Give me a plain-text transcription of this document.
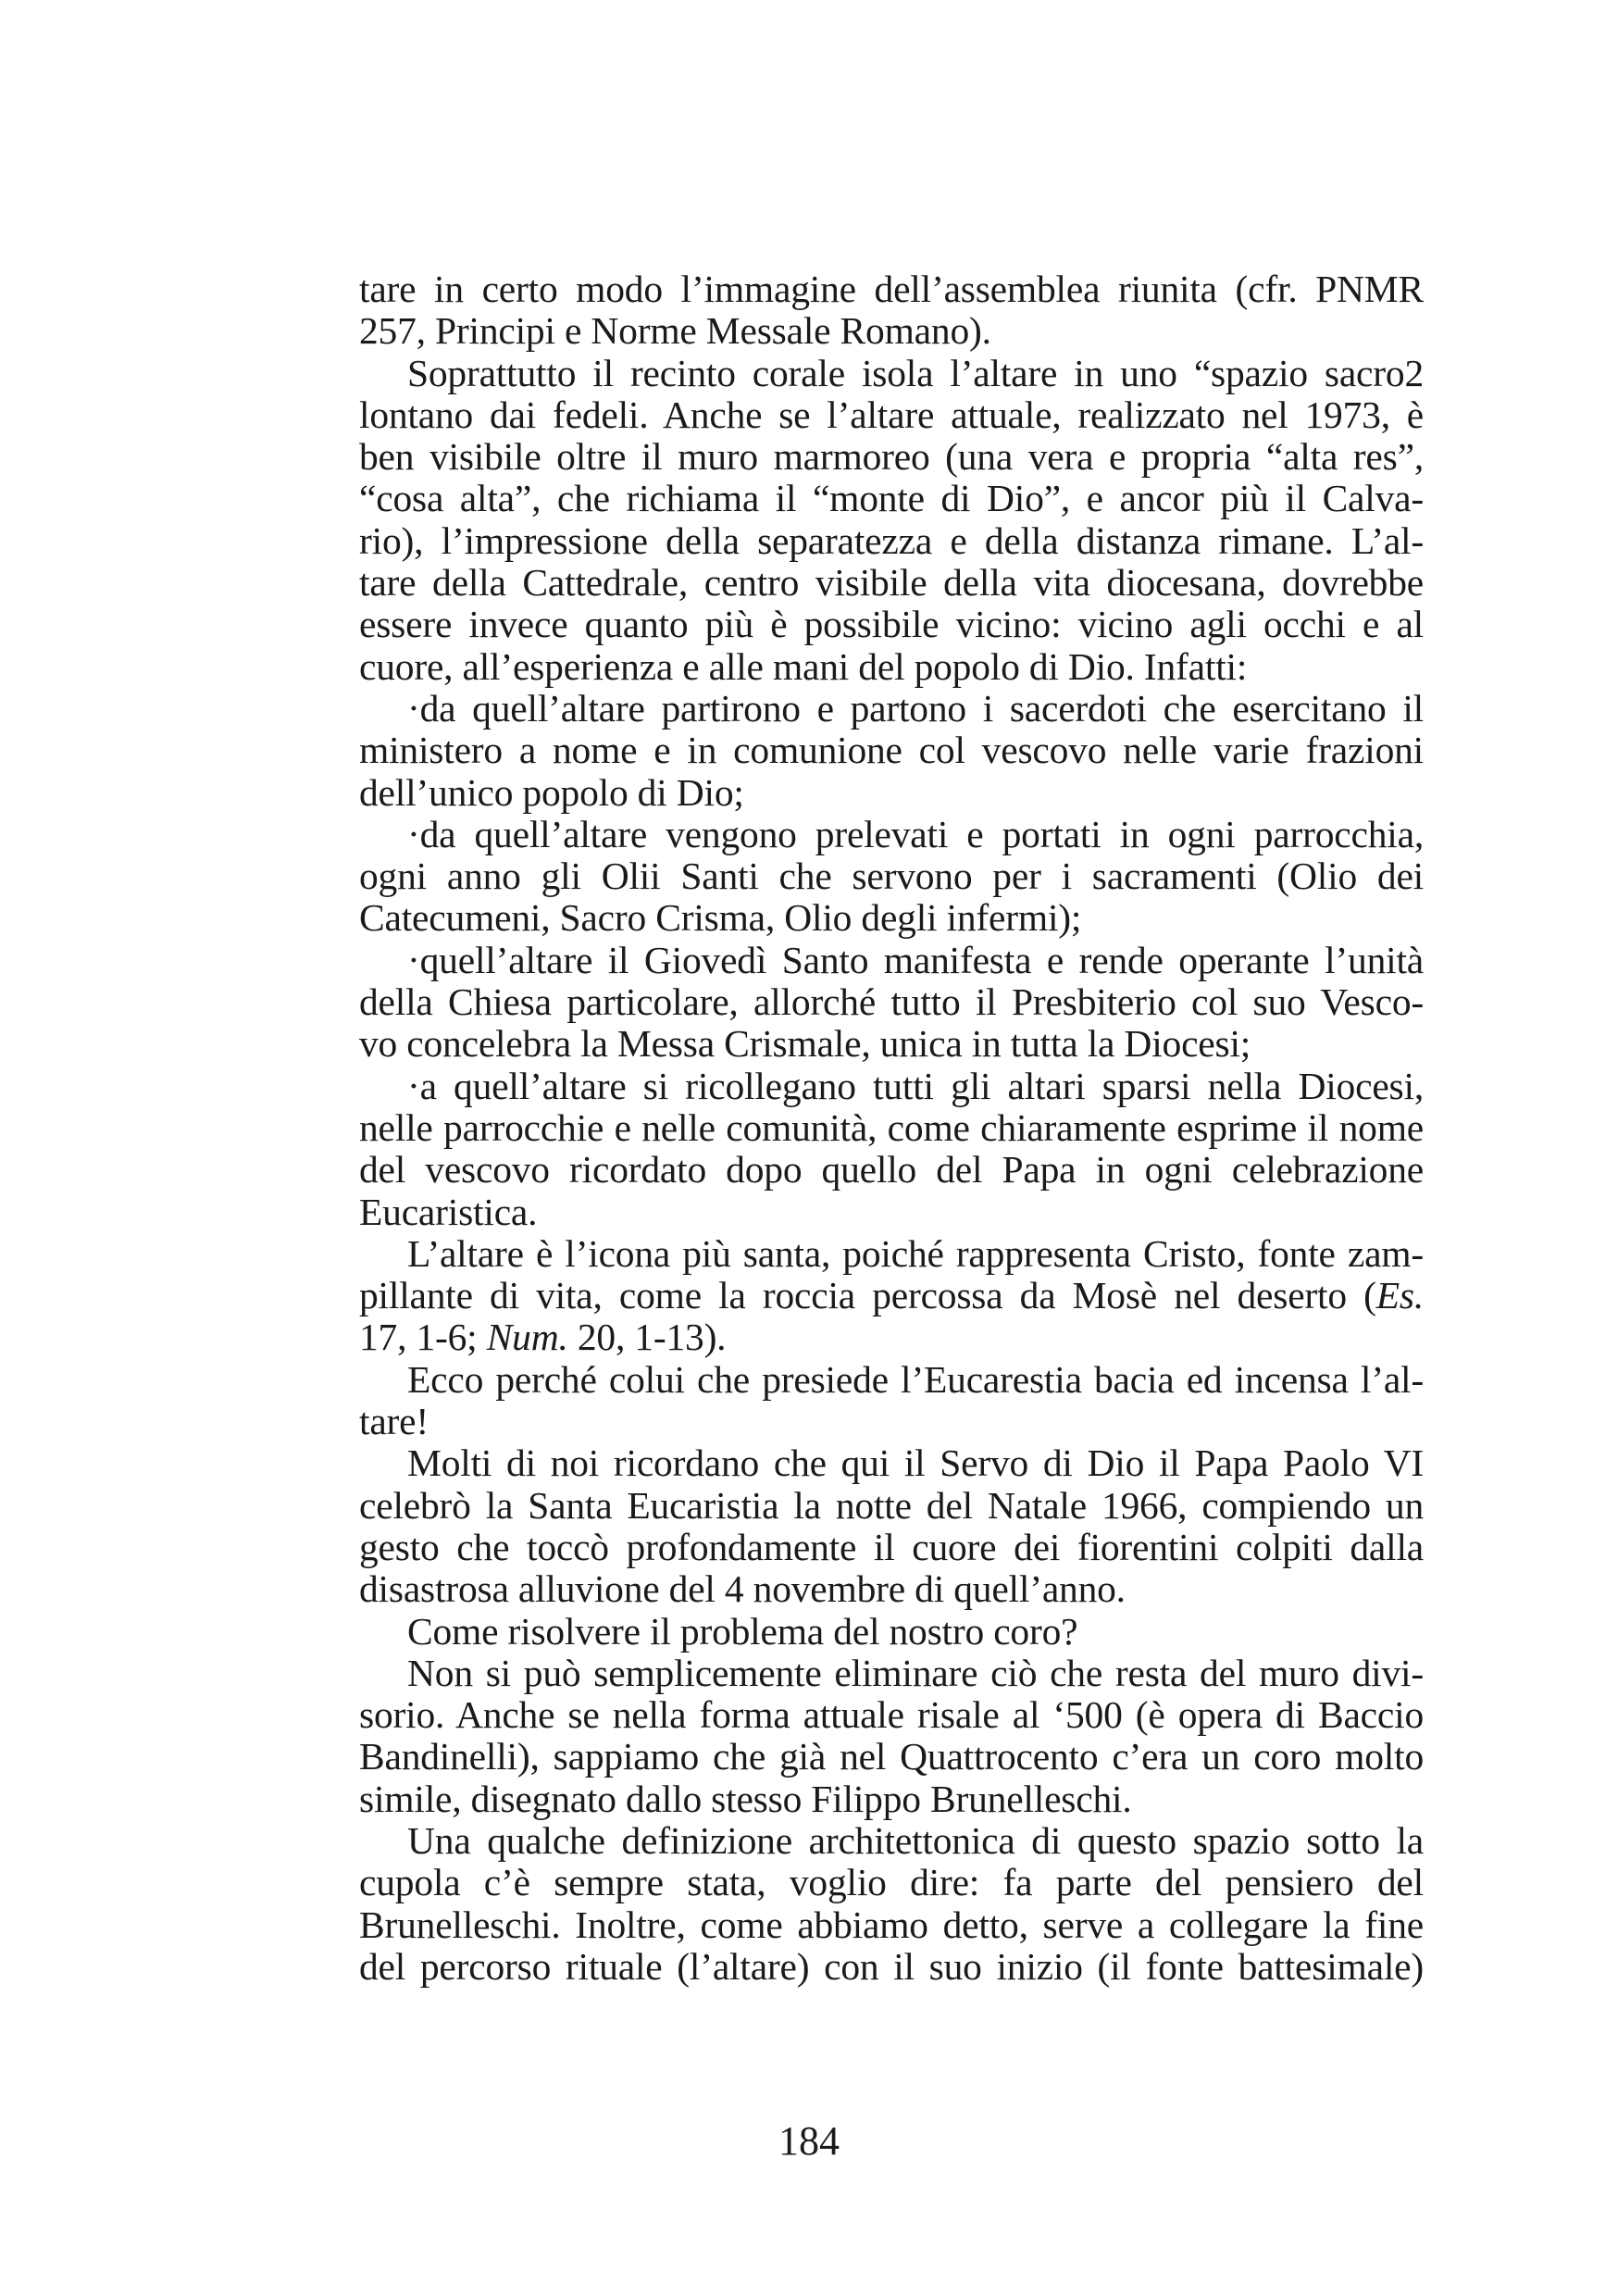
tare in certo modo l’immagine dell’assemblea riunita (cfr. PNMR
257, Principi e Norme Messale Romano).
Soprattutto il recinto corale isola l’altare in uno “spazio sacro2
lontano dai fedeli. Anche se l’altare attuale, realizzato nel 1973, è
ben visibile oltre il muro marmoreo (una vera e propria “alta res”,
“cosa alta”, che richiama il “monte di Dio”, e ancor più il Calva-
rio), l’impressione della separatezza e della distanza rimane. L’al-
tare della Cattedrale, centro visibile della vita diocesana, dovrebbe
essere invece quanto più è possibile vicino: vicino agli occhi e al
cuore, all’esperienza e alle mani del popolo di Dio. Infatti:
·da quell’altare partirono e partono i sacerdoti che esercitano il
ministero a nome e in comunione col vescovo nelle varie frazioni
dell’unico popolo di Dio;
·da quell’altare vengono prelevati e portati in ogni parrocchia,
ogni anno gli Olii Santi che servono per i sacramenti (Olio dei
Catecumeni, Sacro Crisma, Olio degli infermi);
·quell’altare il Giovedì Santo manifesta e rende operante l’unità
della Chiesa particolare, allorché tutto il Presbiterio col suo Vesco-
vo concelebra la Messa Crismale, unica in tutta la Diocesi;
·a quell’altare si ricollegano tutti gli altari sparsi nella Diocesi,
nelle parrocchie e nelle comunità, come chiaramente esprime il nome
del vescovo ricordato dopo quello del Papa in ogni celebrazione
Eucaristica.
L’altare è l’icona più santa, poiché rappresenta Cristo, fonte zam-
pillante di vita, come la roccia percossa da Mosè nel deserto (Es.
17, 1-6; Num. 20, 1-13).
Ecco perché colui che presiede l’Eucarestia bacia ed incensa l’al-
tare!
Molti di noi ricordano che qui il Servo di Dio il Papa Paolo VI
celebrò la Santa Eucaristia la notte del Natale 1966, compiendo un
gesto che toccò profondamente il cuore dei fiorentini colpiti dalla
disastrosa alluvione del 4 novembre di quell’anno.
Come risolvere il problema del nostro coro?
Non si può semplicemente eliminare ciò che resta del muro divi-
sorio. Anche se nella forma attuale risale al ‘500 (è opera di Baccio
Bandinelli), sappiamo che già nel Quattrocento c’era un coro molto
simile, disegnato dallo stesso Filippo Brunelleschi.
Una qualche definizione architettonica di questo spazio sotto la
cupola c’è sempre stata, voglio dire: fa parte del pensiero del
Brunelleschi. Inoltre, come abbiamo detto, serve a collegare la fine
del percorso rituale (l’altare) con il suo inizio (il fonte battesimale)
184
